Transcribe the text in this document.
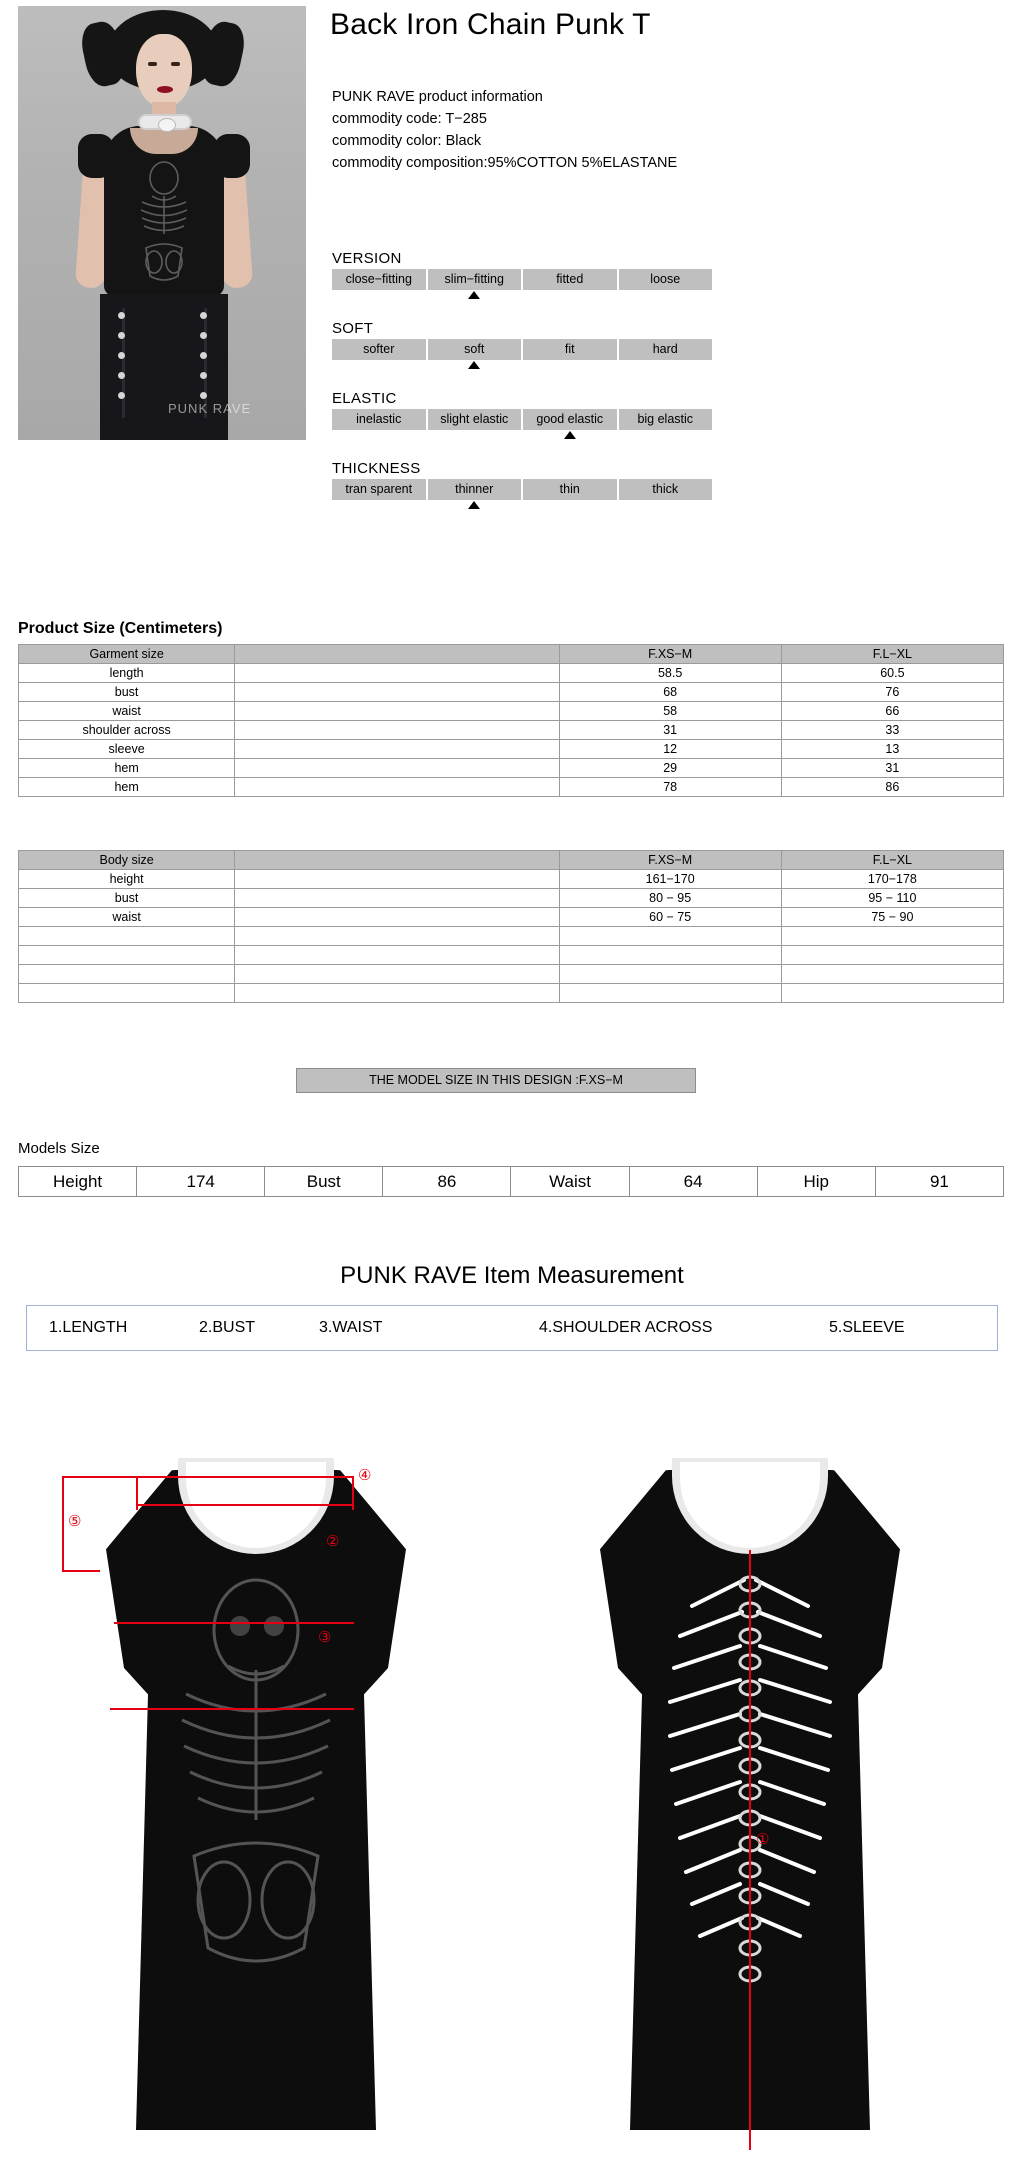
PUNK RAVE
Back Iron Chain Punk T
PUNK RAVE product information
commodity code: T−285
commodity color: Black
commodity composition:95%COTTON 5%ELASTANE
VERSION
close−fitting	slim−fitting	fitted	loose
SOFT
softer	soft	fit	hard
ELASTIC
inelastic	slight elastic	good elastic	big elastic
THICKNESS
tran sparent	thinner	thin	thick
Product Size (Centimeters)
Garment size		F.XS−M	F.L−XL
length		58.5	60.5
bust		68	76
waist		58	66
shoulder across		31	33
sleeve		12	13
hem		29	31
hem		78	86
Body size		F.XS−M	F.L−XL
height		161−170	170−178
bust		80 − 95	95 − 110
waist		60 − 75	75 − 90

THE MODEL SIZE IN THIS DESIGN :F.XS−M
Models Size
Height	174	Bust	86	Waist	64	Hip	91
PUNK RAVE Item Measurement
1.LENGTH	2.BUST	3.WAIST	4.SHOULDER ACROSS	5.SLEEVE
④
②
③
⑤
①
